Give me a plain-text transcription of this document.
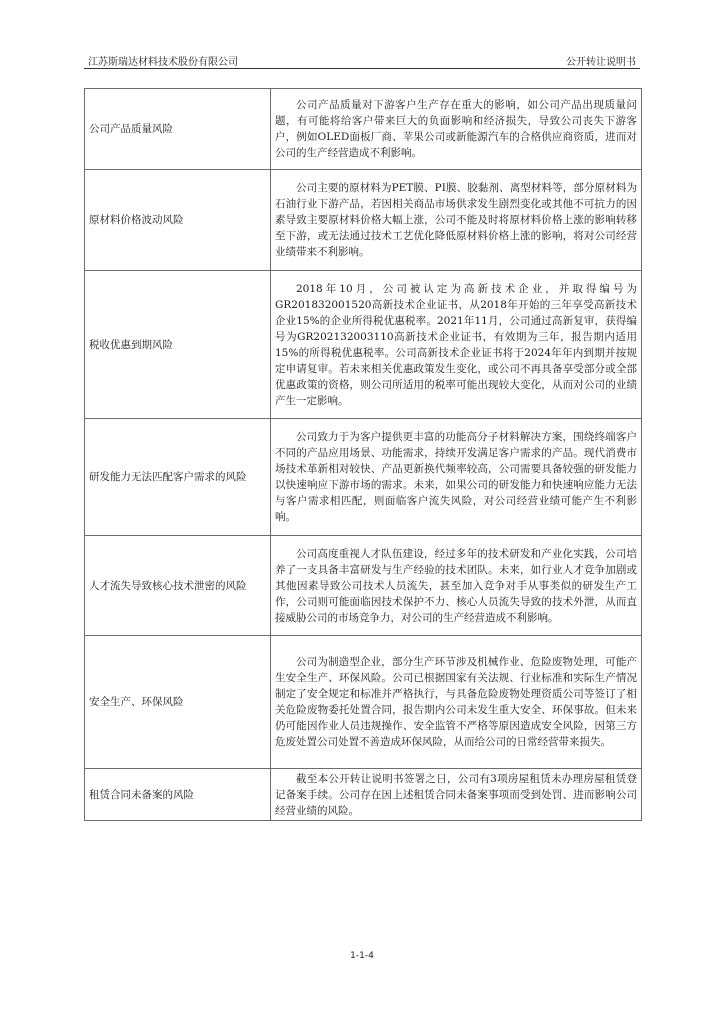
江苏斯瑞达材料技术股份有限公司	公开转让说明书
公司产品质量风险	公司产品质量对下游客户生产存在重大的影响，如公司产品出现质量问题，有可能将给客户带来巨大的负面影响和经济损失，导致公司丧失下游客户，例如OLED面板厂商、苹果公司或新能源汽车的合格供应商资质，进而对公司的生产经营造成不利影响。
原材料价格波动风险	公司主要的原材料为PET膜、PI膜、胶黏剂、离型材料等，部分原材料为石油行业下游产品，若因相关商品市场供求发生剧烈变化或其他不可抗力的因素导致主要原材料价格大幅上涨，公司不能及时将原材料价格上涨的影响转移至下游，或无法通过技术工艺优化降低原材料价格上涨的影响，将对公司经营业绩带来不利影响。
税收优惠到期风险	2018年10月，公司被认定为高新技术企业，并取得编号为GR201832001520高新技术企业证书，从2018年开始的三年享受高新技术企业15%的企业所得税优惠税率。2021年11月，公司通过高新复审，获得编号为GR202132003110高新技术企业证书，有效期为三年，报告期内适用15%的所得税优惠税率。公司高新技术企业证书将于2024年年内到期并按规定申请复审。若未来相关优惠政策发生变化，或公司不再具备享受部分或全部优惠政策的资格，则公司所适用的税率可能出现较大变化，从而对公司的业绩产生一定影响。
研发能力无法匹配客户需求的风险	公司致力于为客户提供更丰富的功能高分子材料解决方案，围绕终端客户不同的产品应用场景、功能需求，持续开发满足客户需求的产品。现代消费市场技术革新相对较快、产品更新换代频率较高，公司需要具备较强的研发能力以快速响应下游市场的需求。未来，如果公司的研发能力和快速响应能力无法与客户需求相匹配，则面临客户流失风险，对公司经营业绩可能产生不利影响。
人才流失导致核心技术泄密的风险	公司高度重视人才队伍建设，经过多年的技术研发和产业化实践，公司培养了一支具备丰富研发与生产经验的技术团队。未来，如行业人才竞争加剧或其他因素导致公司技术人员流失，甚至加入竞争对手从事类似的研发生产工作，公司则可能面临因技术保护不力、核心人员流失导致的技术外泄，从而直接威胁公司的市场竞争力，对公司的生产经营造成不利影响。
安全生产、环保风险	公司为制造型企业，部分生产环节涉及机械作业、危险废物处理，可能产生安全生产、环保风险。公司已根据国家有关法规、行业标准和实际生产情况制定了安全规定和标准并严格执行，与具备危险废物处理资质公司等签订了相关危险废物委托处置合同，报告期内公司未发生重大安全、环保事故。但未来仍可能因作业人员违规操作、安全监管不严格等原因造成安全风险，因第三方危废处置公司处置不善造成环保风险，从而给公司的日常经营带来损失。
租赁合同未备案的风险	截至本公开转让说明书签署之日，公司有3项房屋租赁未办理房屋租赁登记备案手续。公司存在因上述租赁合同未备案事项而受到处罚、进而影响公司经营业绩的风险。
1-1-4
